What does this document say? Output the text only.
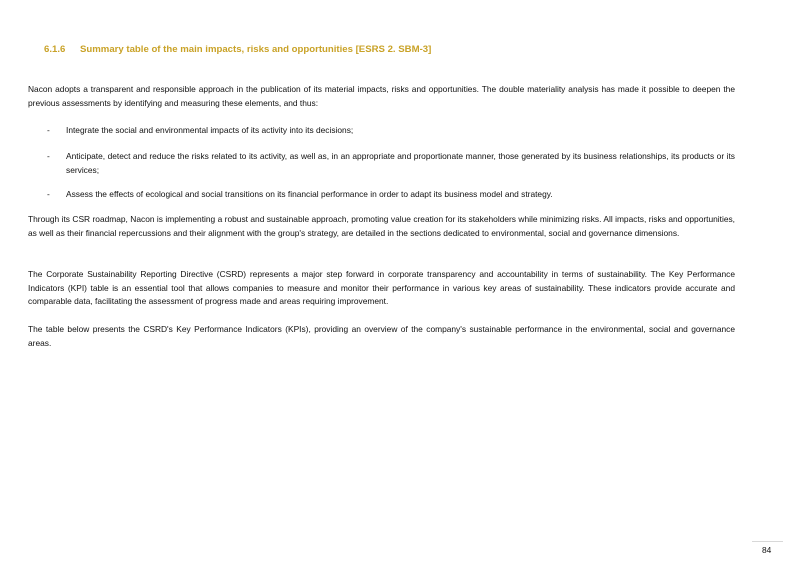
6.1.6 Summary table of the main impacts, risks and opportunities [ESRS 2. SBM-3]
Nacon adopts a transparent and responsible approach in the publication of its material impacts, risks and opportunities. The double materiality analysis has made it possible to deepen the previous assessments by identifying and measuring these elements, and thus:
- Integrate the social and environmental impacts of its activity into its decisions;
- Anticipate, detect and reduce the risks related to its activity, as well as, in an appropriate and proportionate manner, those generated by its business relationships, its products or its services;
- Assess the effects of ecological and social transitions on its financial performance in order to adapt its business model and strategy.
Through its CSR roadmap, Nacon is implementing a robust and sustainable approach, promoting value creation for its stakeholders while minimizing risks. All impacts, risks and opportunities, as well as their financial repercussions and their alignment with the group's strategy, are detailed in the sections dedicated to environmental, social and governance dimensions.
The Corporate Sustainability Reporting Directive (CSRD) represents a major step forward in corporate transparency and accountability in terms of sustainability. The Key Performance Indicators (KPI) table is an essential tool that allows companies to measure and monitor their performance in various key areas of sustainability. These indicators provide accurate and comparable data, facilitating the assessment of progress made and areas requiring improvement.
The table below presents the CSRD's Key Performance Indicators (KPIs), providing an overview of the company's sustainable performance in the environmental, social and governance areas.
84
